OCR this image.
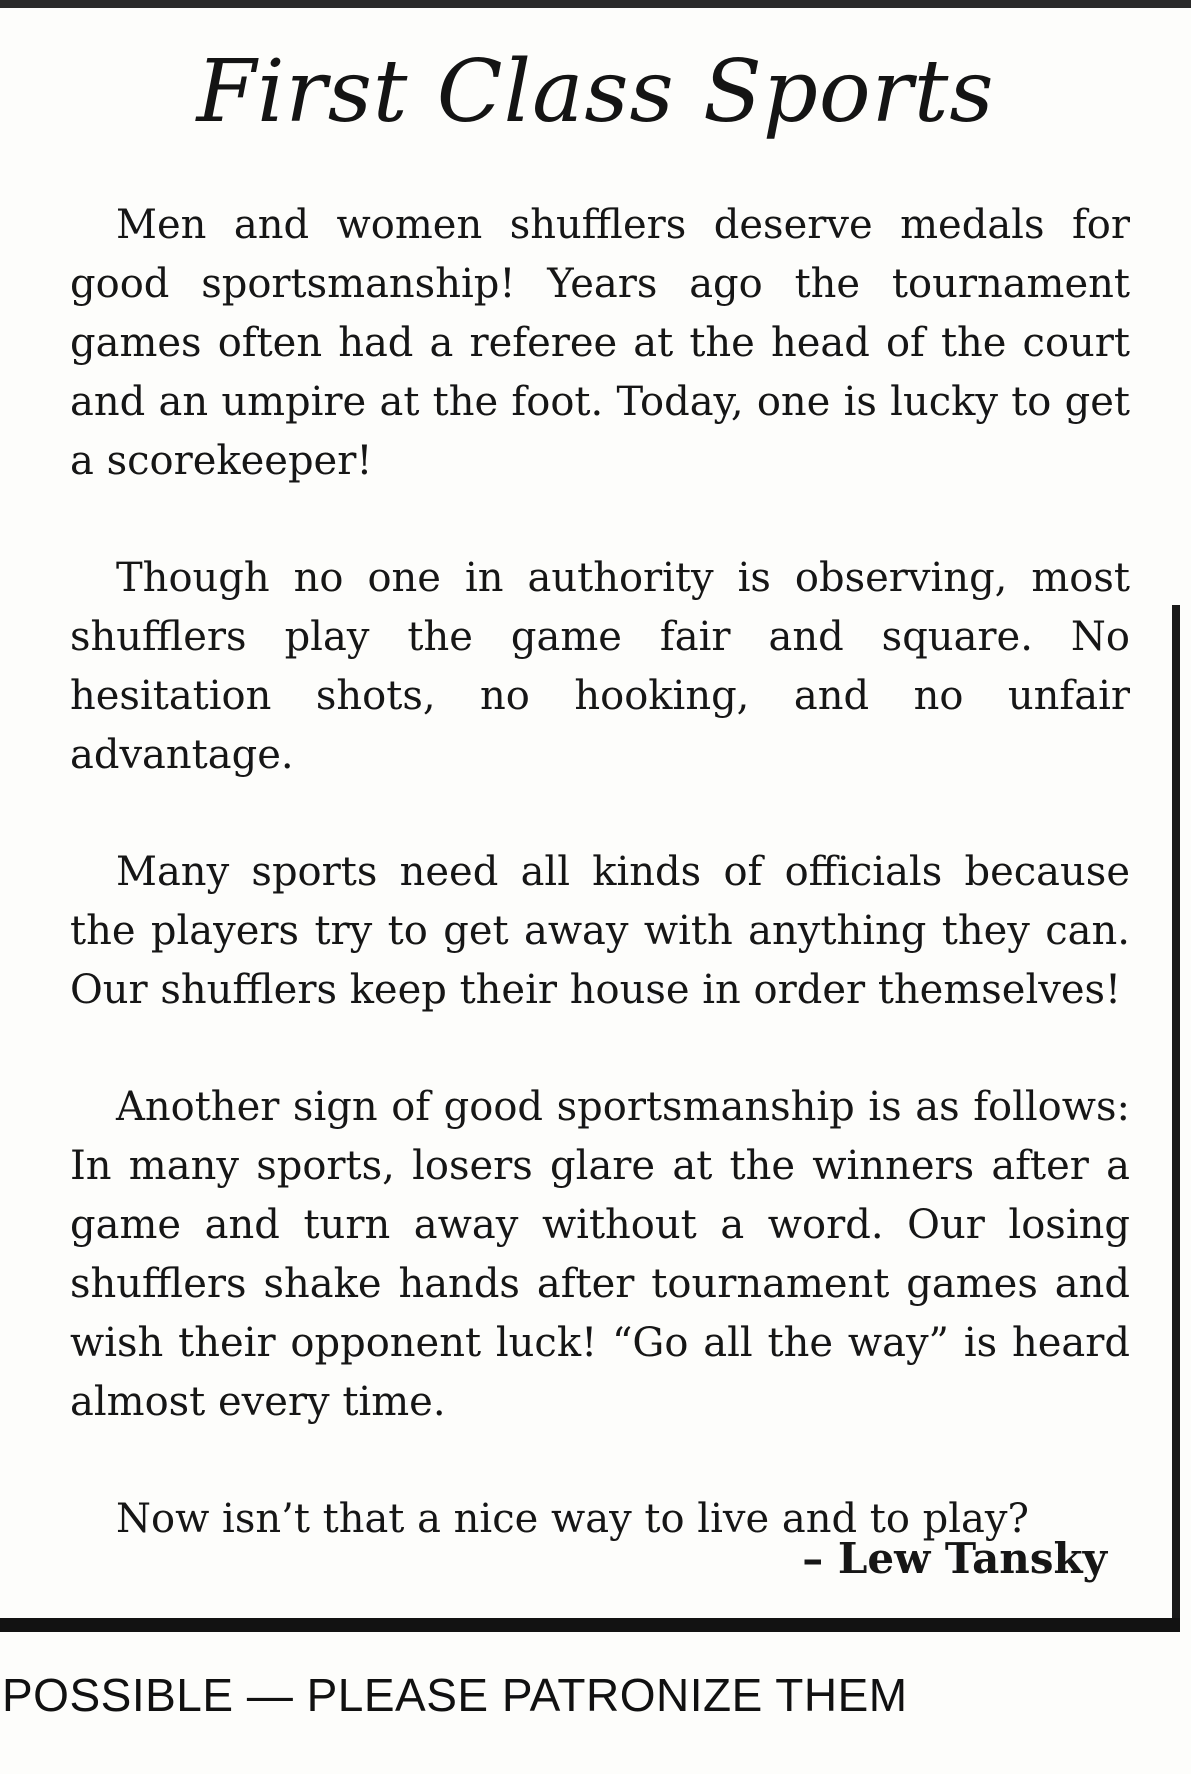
First Class Sports

Men and women shufflers deserve medals for good sportsmanship! Years ago the tournament games often had a referee at the head of the court and an umpire at the foot. Today, one is lucky to get a scorekeeper!

Though no one in authority is observing, most shufflers play the game fair and square. No hesitation shots, no hooking, and no unfair advantage.

Many sports need all kinds of officials because the players try to get away with anything they can. Our shufflers keep their house in order themselves!

Another sign of good sportsmanship is as follows: In many sports, losers glare at the winners after a game and turn away without a word. Our losing shufflers shake hands after tournament games and wish their opponent luck! “Go all the way” is heard almost every time.

Now isn’t that a nice way to live and to play?

– Lew Tansky
POSSIBLE — PLEASE PATRONIZE THEM
